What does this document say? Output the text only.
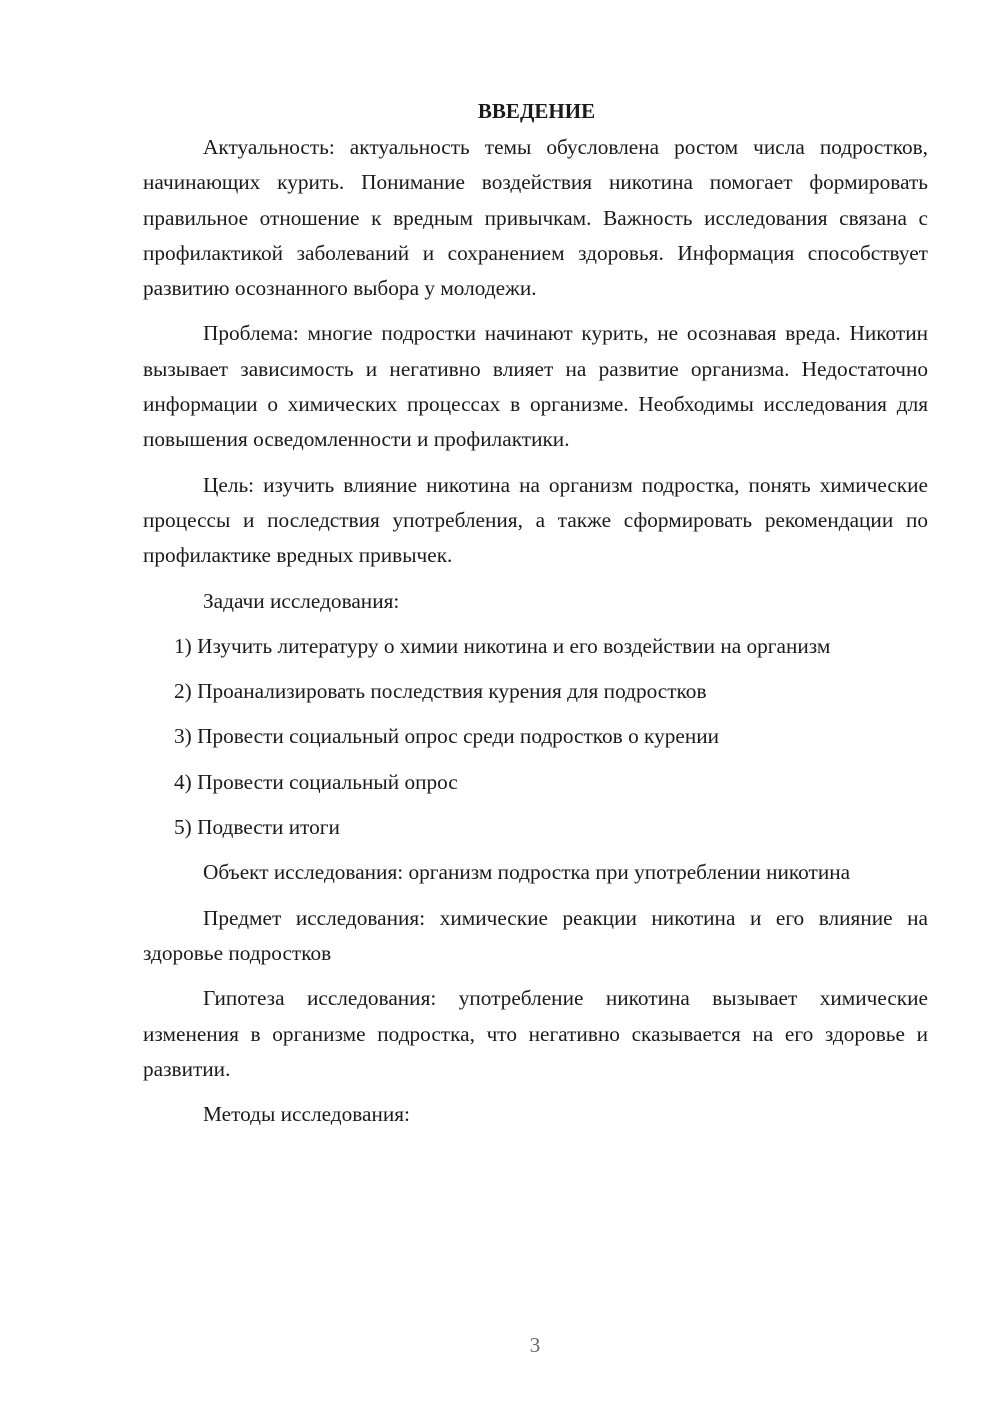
ВВЕДЕНИЕ

Актуальность: актуальность темы обусловлена ростом числа подростков, начинающих курить. Понимание воздействия никотина помогает формировать правильное отношение к вредным привычкам. Важность исследования связана с профилактикой заболеваний и сохранением здоровья. Информация способствует развитию осознанного выбора у молодежи.

Проблема: многие подростки начинают курить, не осознавая вреда. Никотин вызывает зависимость и негативно влияет на развитие организма. Недостаточно информации о химических процессах в организме. Необходимы исследования для повышения осведомленности и профилактики.

Цель: изучить влияние никотина на организм подростка, понять химические процессы и последствия употребления, а также сформировать рекомендации по профилактике вредных привычек.

Задачи исследования:

1) Изучить литературу о химии никотина и его воздействии на организм

2) Проанализировать последствия курения для подростков

3) Провести социальный опрос среди подростков о курении

4) Провести социальный опрос

5) Подвести итоги

Объект исследования: организм подростка при употреблении никотина

Предмет исследования: химические реакции никотина и его влияние на здоровье подростков

Гипотеза исследования: употребление никотина вызывает химические изменения в организме подростка, что негативно сказывается на его здоровье и развитии.

Методы исследования:

3
